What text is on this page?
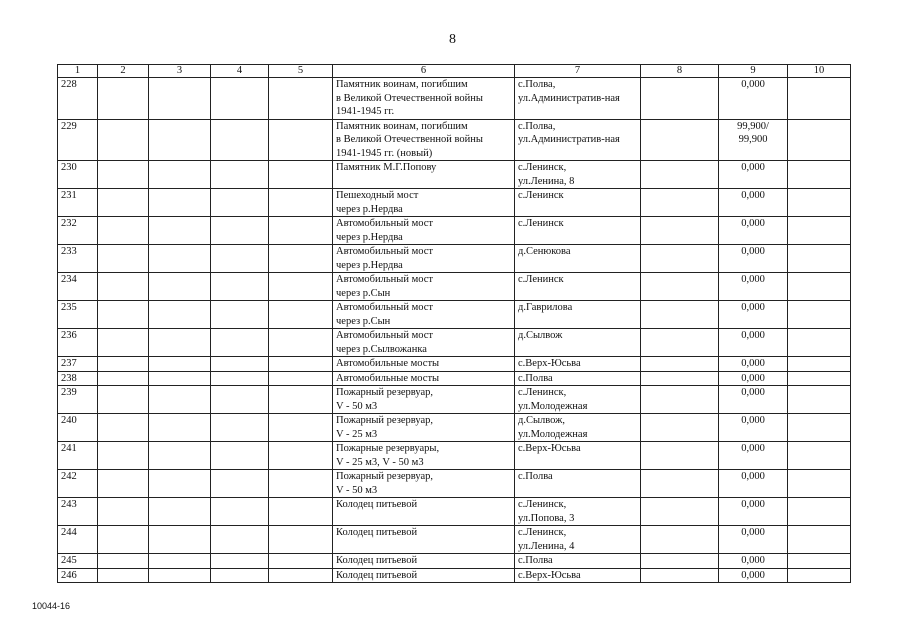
8
1	2	3	4	5	6	7	8	9	10
228					Памятник воинам, погибшим
в Великой Отечественной войны
1941-1945 гг.	с.Полва,
ул.Административ-ная		0,000	
229					Памятник воинам, погибшим
в Великой Отечественной войны
1941-1945 гг. (новый)	с.Полва,
ул.Административ-ная		99,900/
99,900	
230					Памятник М.Г.Попову	с.Ленинск,
ул.Ленина, 8		0,000	
231					Пешеходный мост
через р.Нердва	с.Ленинск		0,000	
232					Автомобильный мост
через р.Нердва	с.Ленинск		0,000	
233					Автомобильный мост
через р.Нердва	д.Сенюкова		0,000	
234					Автомобильный мост
через р.Сын	с.Ленинск		0,000	
235					Автомобильный мост
через р.Сын	д.Гаврилова		0,000	
236					Автомобильный мост
через р.Сылвожанка	д.Сылвож		0,000	
237					Автомобильные мосты	с.Верх-Юсьва		0,000	
238					Автомобильные мосты	с.Полва		0,000	
239					Пожарный резервуар,
V - 50 м3	с.Ленинск,
ул.Молодежная		0,000	
240					Пожарный резервуар,
V - 25 м3	д.Сылвож,
ул.Молодежная		0,000	
241					Пожарные резервуары,
V - 25 м3, V - 50 м3	с.Верх-Юсьва		0,000	
242					Пожарный резервуар,
V - 50 м3	с.Полва		0,000	
243					Колодец питьевой	с.Ленинск,
ул.Попова, 3		0,000	
244					Колодец питьевой	с.Ленинск,
ул.Ленина, 4		0,000	
245					Колодец питьевой	с.Полва		0,000	
246					Колодец питьевой	с.Верх-Юсьва		0,000	
10044-16
